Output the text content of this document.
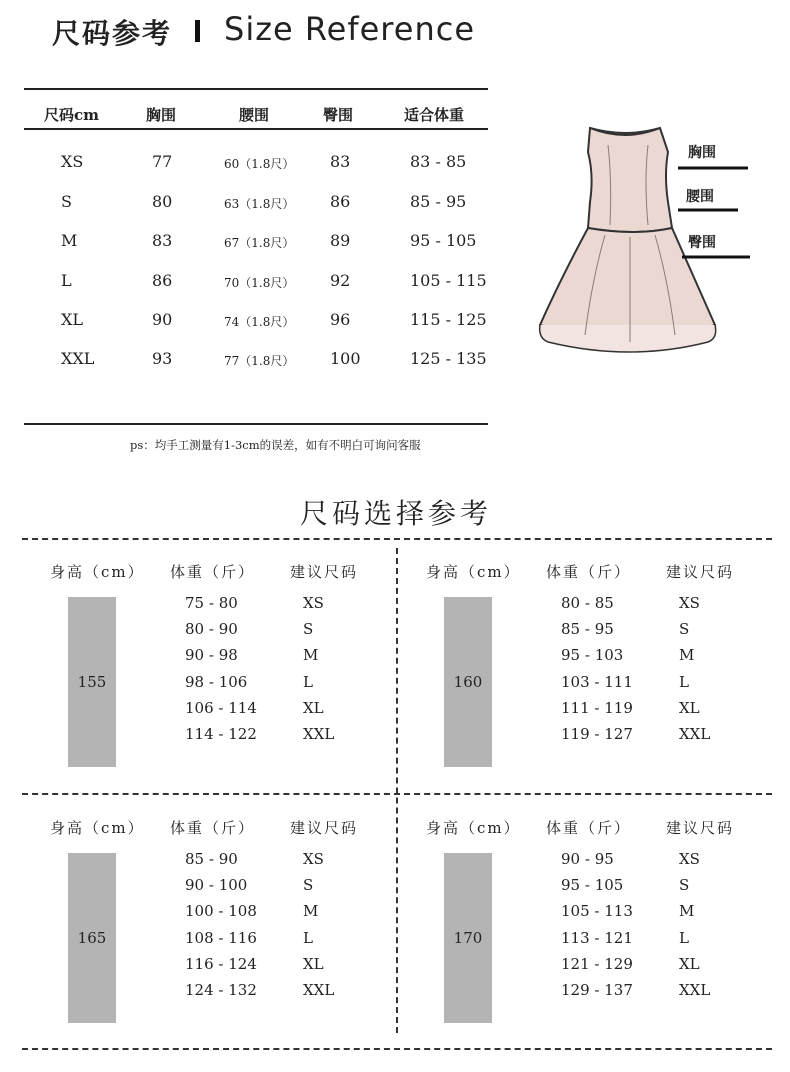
尺码参考 Size Reference
尺码cm	胸围	腰围	臀围	适合体重
XS	77	60（1.8尺） 83	83 - 85
S	80	63（1.8尺） 86	85 - 95
M	83	67（1.8尺） 89	95 - 105
L	86	70（1.8尺） 92	105 - 115
XL	90	74（1.8尺） 96	115 - 125
XXL	93	77（1.8尺） 100	125 - 135
ps：均手工测量有1-3cm的误差，如有不明白可询问客服
胸围
腰围
臀围
尺码选择参考
身高（cm） 体重（斤） 建议尺码
155
75 - 80	XS
80 - 90	S
90 - 98	M
98 - 106	L
106 - 114	XL
114 - 122	XXL
身高（cm） 体重（斤） 建议尺码
160
80 - 85	XS
85 - 95	S
95 - 103	M
103 - 111	L
111 - 119	XL
119 - 127	XXL
身高（cm） 体重（斤） 建议尺码
165
85 - 90	XS
90 - 100	S
100 - 108	M
108 - 116	L
116 - 124	XL
124 - 132	XXL
身高（cm） 体重（斤） 建议尺码
170
90 - 95	XS
95 - 105	S
105 - 113	M
113 - 121	L
121 - 129	XL
129 - 137	XXL
